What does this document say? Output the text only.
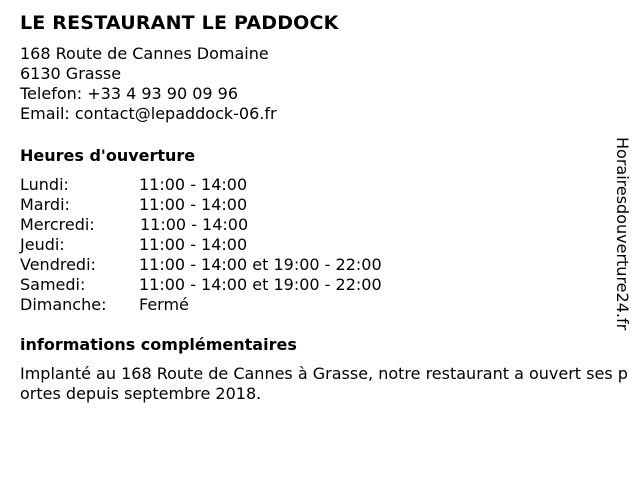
LE RESTAURANT LE PADDOCK
168 Route de Cannes Domaine
6130 Grasse
Telefon: +33 4 93 90 09 96
Email: contact@lepaddock-06.fr
Heures d'ouverture
Lundi:	11:00 - 14:00
Mardi:	11:00 - 14:00
Mercredi:	11:00 - 14:00
Jeudi:	11:00 - 14:00
Vendredi:	11:00 - 14:00 et 19:00 - 22:00
Samedi:	11:00 - 14:00 et 19:00 - 22:00
Dimanche: Fermé
informations complémentaires
Implanté au 168 Route de Cannes à Grasse, notre restaurant a ouvert ses portes depuis septembre 2018.
Horairesdouverture24.fr
